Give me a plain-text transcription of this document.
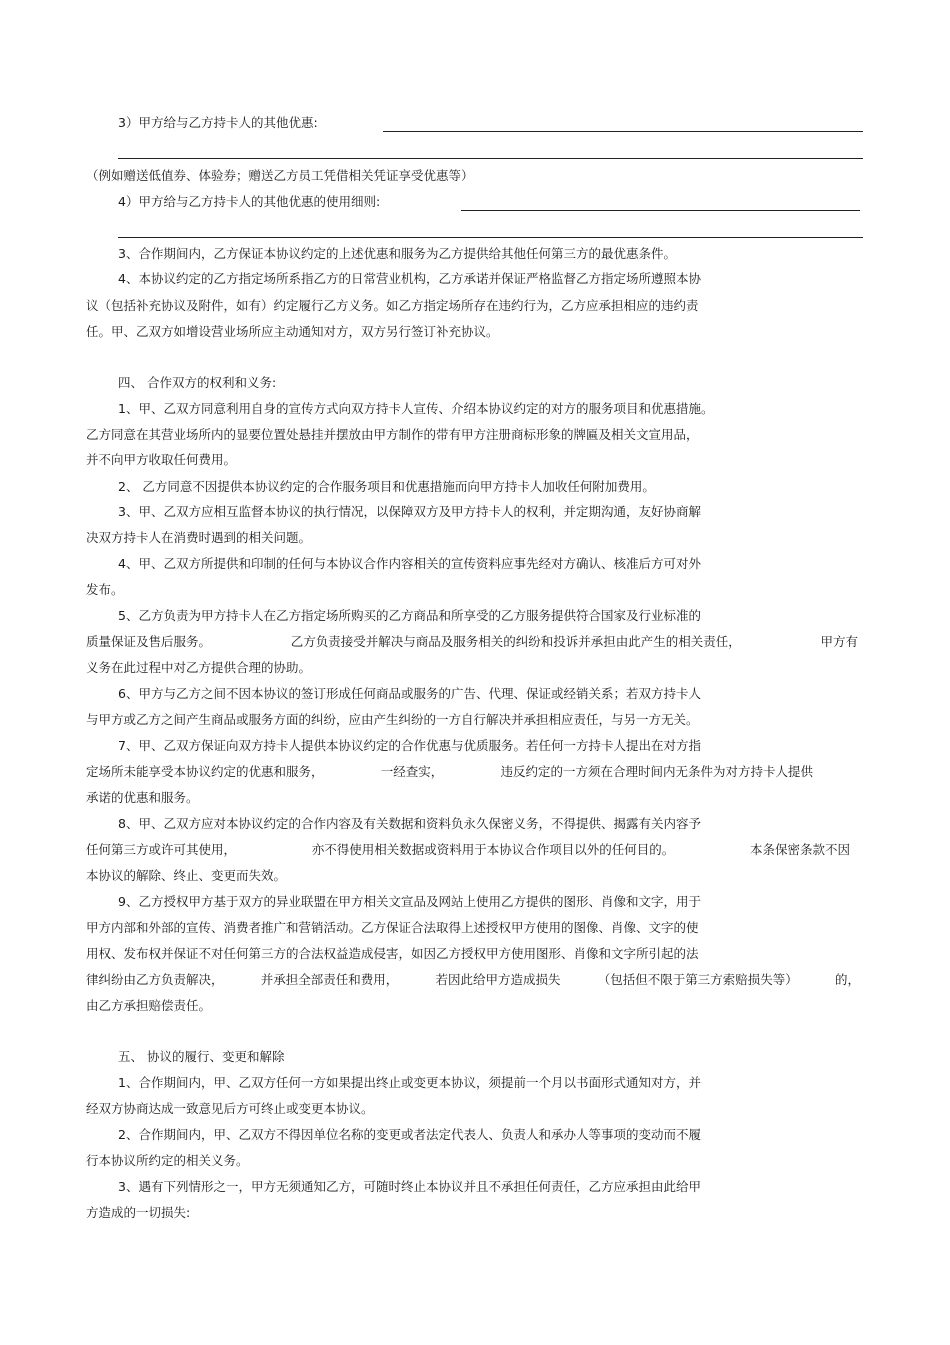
3）甲方给与乙方持卡人的其他优惠:
（例如赠送低值券、体验券；赠送乙方员工凭借相关凭证享受优惠等）
4）甲方给与乙方持卡人的其他优惠的使用细则:
3、合作期间内，乙方保证本协议约定的上述优惠和服务为乙方提供给其他任何第三方的最优惠条件。
4、本协议约定的乙方指定场所系指乙方的日常营业机构，乙方承诺并保证严格监督乙方指定场所遵照本协
议（包括补充协议及附件，如有）约定履行乙方义务。如乙方指定场所存在违约行为，乙方应承担相应的违约责
任。甲、乙双方如增设营业场所应主动通知对方，双方另行签订补充协议。
四、 合作双方的权利和义务:
1、甲、乙双方同意利用自身的宣传方式向双方持卡人宣传、介绍本协议约定的对方的服务项目和优惠措施。
乙方同意在其营业场所内的显要位置处悬挂并摆放由甲方制作的带有甲方注册商标形象的牌匾及相关文宣用品，
并不向甲方收取任何费用。
2、 乙方同意不因提供本协议约定的合作服务项目和优惠措施而向甲方持卡人加收任何附加费用。
3、甲、乙双方应相互监督本协议的执行情况，以保障双方及甲方持卡人的权利，并定期沟通，友好协商解
决双方持卡人在消费时遇到的相关问题。
4、甲、乙双方所提供和印制的任何与本协议合作内容相关的宣传资料应事先经对方确认、核准后方可对外
发布。
5、乙方负责为甲方持卡人在乙方指定场所购买的乙方商品和所享受的乙方服务提供符合国家及行业标准的
质量保证及售后服务。	乙方负责接受并解决与商品及服务相关的纠纷和投诉并承担由此产生的相关责任，	甲方有
义务在此过程中对乙方提供合理的协助。
6、甲方与乙方之间不因本协议的签订形成任何商品或服务的广告、代理、保证或经销关系；若双方持卡人
与甲方或乙方之间产生商品或服务方面的纠纷，应由产生纠纷的一方自行解决并承担相应责任，与另一方无关。
7、甲、乙双方保证向双方持卡人提供本协议约定的合作优惠与优质服务。若任何一方持卡人提出在对方指
定场所未能享受本协议约定的优惠和服务，	一经查实，	违反约定的一方须在合理时间内无条件为对方持卡人提供
承诺的优惠和服务。
8、甲、乙双方应对本协议约定的合作内容及有关数据和资料负永久保密义务，不得提供、揭露有关内容予
任何第三方或许可其使用，	亦不得使用相关数据或资料用于本协议合作项目以外的任何目的。	本条保密条款不因
本协议的解除、终止、变更而失效。
9、乙方授权甲方基于双方的异业联盟在甲方相关文宣品及网站上使用乙方提供的图形、肖像和文字，用于
甲方内部和外部的宣传、消费者推广和营销活动。乙方保证合法取得上述授权甲方使用的图像、肖像、文字的使
用权、发布权并保证不对任何第三方的合法权益造成侵害，如因乙方授权甲方使用图形、肖像和文字所引起的法
律纠纷由乙方负责解决，	并承担全部责任和费用，	若因此给甲方造成损失	（包括但不限于第三方索赔损失等）	的，
由乙方承担赔偿责任。
五、 协议的履行、变更和解除
1、合作期间内，甲、乙双方任何一方如果提出终止或变更本协议，须提前一个月以书面形式通知对方，并
经双方协商达成一致意见后方可终止或变更本协议。
2、合作期间内，甲、乙双方不得因单位名称的变更或者法定代表人、负责人和承办人等事项的变动而不履
行本协议所约定的相关义务。
3、遇有下列情形之一，甲方无须通知乙方，可随时终止本协议并且不承担任何责任，乙方应承担由此给甲
方造成的一切损失:
